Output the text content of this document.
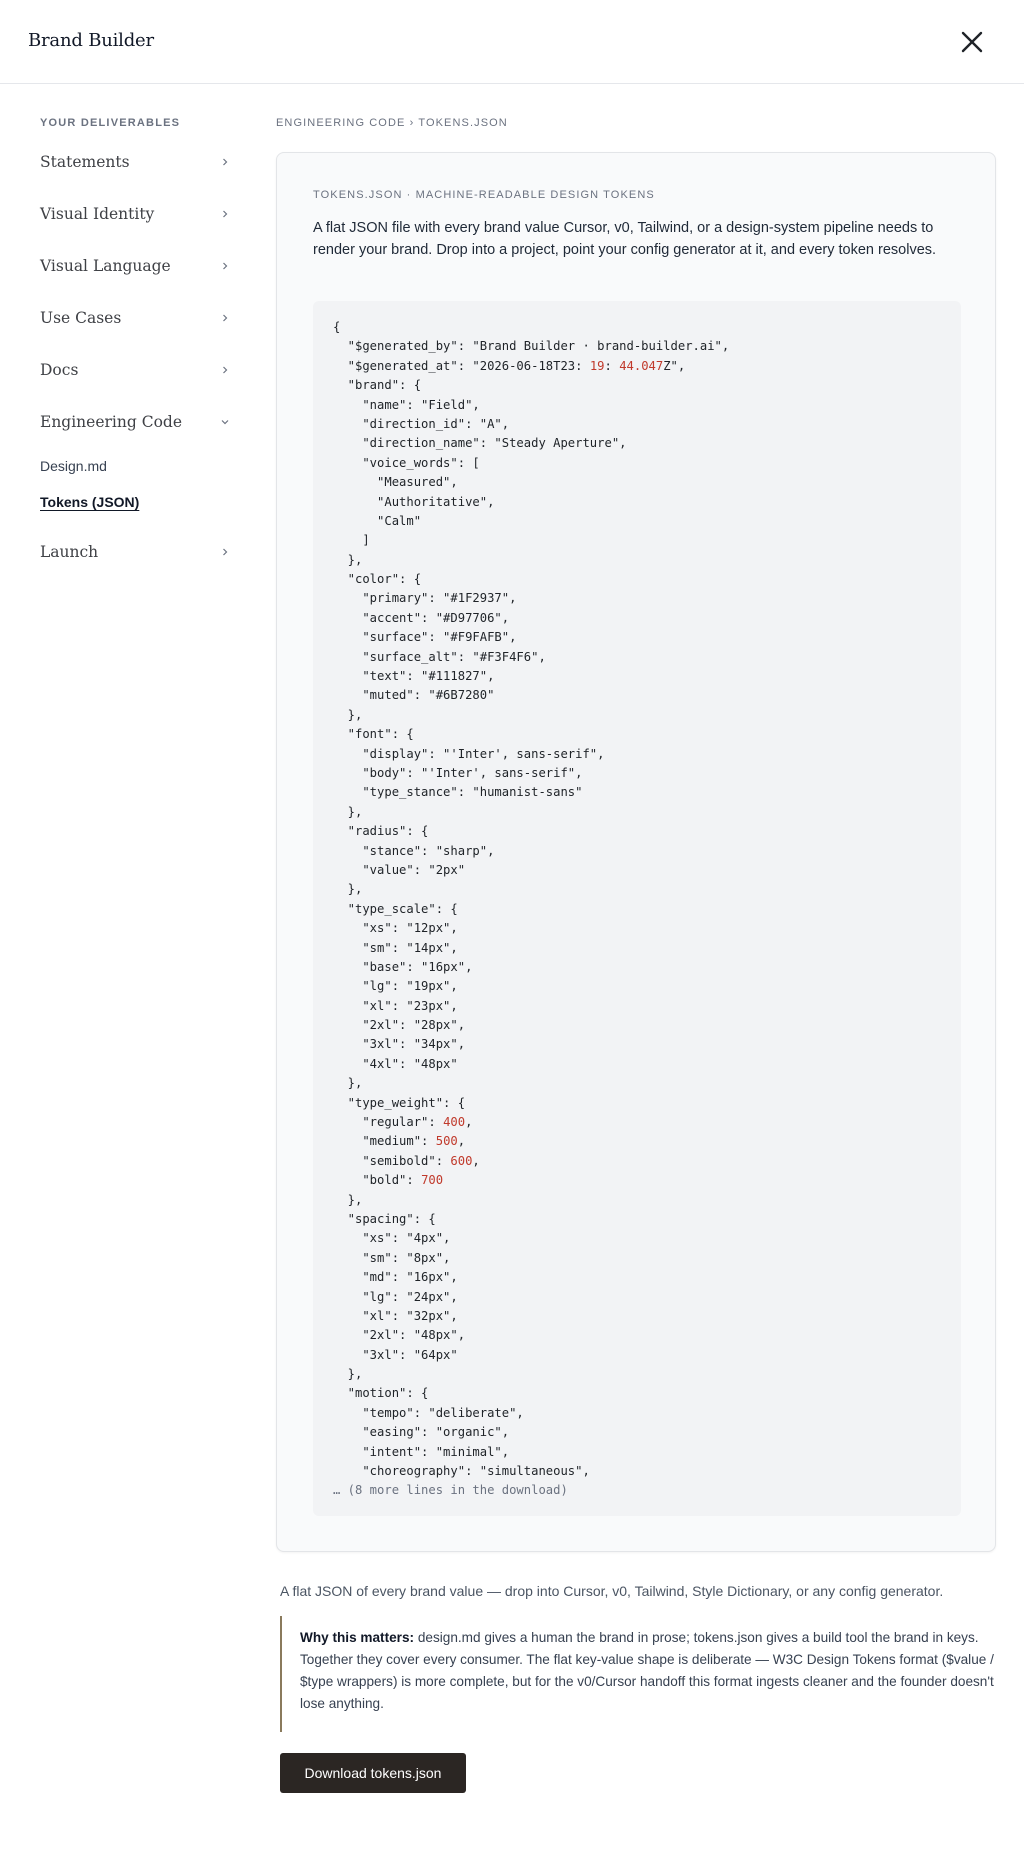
Brand Builder
YOUR DELIVERABLES
Statements
Visual Identity
Visual Language
Use Cases
Docs
Engineering Code
Design.md
Tokens (JSON)
Launch
ENGINEERING CODE › TOKENS.JSON
TOKENS.JSON · MACHINE-READABLE DESIGN TOKENS

A flat JSON file with every brand value Cursor, v0, Tailwind, or a design-system pipeline needs to render your brand. Drop into a project, point your config generator at it, and every token resolves.

{
"$generated_by": "Brand Builder · brand-builder.ai",
"$generated_at": "2026-06-18T23: 19: 44.047Z",
"brand": {
"name": "Field",
"direction_id": "A",
"direction_name": "Steady Aperture",
"voice_words": [
"Measured",
"Authoritative",
"Calm"
]
},
"color": {
"primary": "#1F2937",
"accent": "#D97706",
"surface": "#F9FAFB",
"surface_alt": "#F3F4F6",
"text": "#111827",
"muted": "#6B7280"
},
"font": {
"display": "'Inter', sans-serif",
"body": "'Inter', sans-serif",
"type_stance": "humanist-sans"
},
"radius": {
"stance": "sharp",
"value": "2px"
},
"type_scale": {
"xs": "12px",
"sm": "14px",
"base": "16px",
"lg": "19px",
"xl": "23px",
"2xl": "28px",
"3xl": "34px",
"4xl": "48px"
},
"type_weight": {
"regular": 400,
"medium": 500,
"semibold": 600,
"bold": 700
},
"spacing": {
"xs": "4px",
"sm": "8px",
"md": "16px",
"lg": "24px",
"xl": "32px",
"2xl": "48px",
"3xl": "64px"
},
"motion": {
"tempo": "deliberate",
"easing": "organic",
"intent": "minimal",
"choreography": "simultaneous",
… (8 more lines in the download)

A flat JSON of every brand value — drop into Cursor, v0, Tailwind, Style Dictionary, or any config generator.

Why this matters: design.md gives a human the brand in prose; tokens.json gives a build tool the brand in keys. Together they cover every consumer. The flat key-value shape is deliberate — W3C Design Tokens format ($value / $type wrappers) is more complete, but for the v0/Cursor handoff this format ingests cleaner and the founder doesn't lose anything.
Download tokens.json
